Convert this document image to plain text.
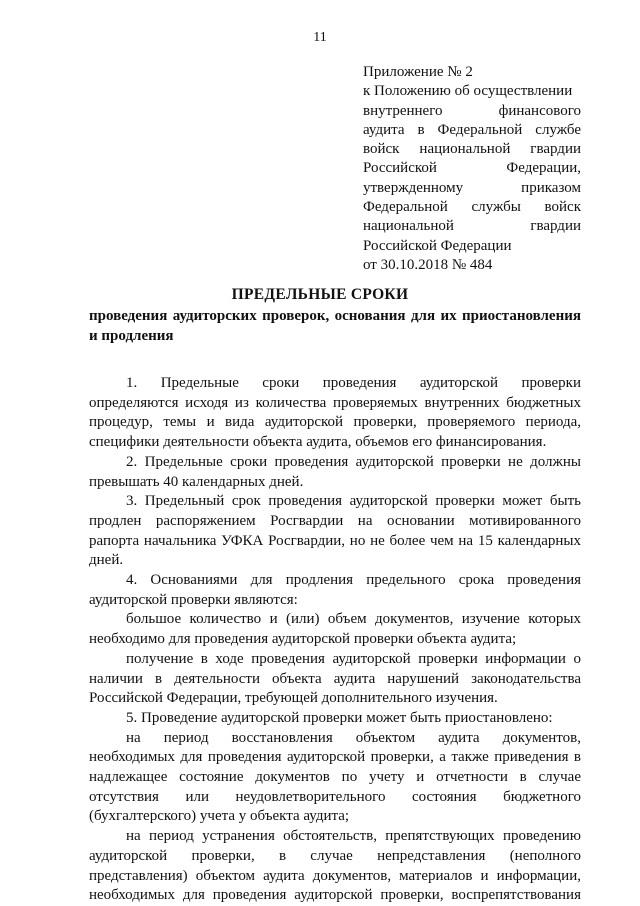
11
Приложение № 2
к Положению об осуществлении
внутреннего финансового
аудита в Федеральной службе
войск национальной гвардии
Российской Федерации,
утвержденному приказом
Федеральной службы войск
национальной гвардии
Российской Федерации
от 30.10.2018 № 484
ПРЕДЕЛЬНЫЕ СРОКИ
проведения аудиторских проверок, основания для их приостановления
и продления
1. Предельные сроки проведения аудиторской проверки
определяются исходя из количества проверяемых внутренних бюджетных
процедур, темы и вида аудиторской проверки, проверяемого периода,
специфики деятельности объекта аудита, объемов его финансирования.
2. Предельные сроки проведения аудиторской проверки не должны
превышать 40 календарных дней.
3. Предельный срок проведения аудиторской проверки может быть
продлен распоряжением Росгвардии на основании мотивированного
рапорта начальника УФКА Росгвардии, но не более чем на 15 календарных
дней.
4. Основаниями для продления предельного срока проведения
аудиторской проверки являются:
большое количество и (или) объем документов, изучение которых
необходимо для проведения аудиторской проверки объекта аудита;
получение в ходе проведения аудиторской проверки информации о
наличии в деятельности объекта аудита нарушений законодательства
Российской Федерации, требующей дополнительного изучения.
5. Проведение аудиторской проверки может быть приостановлено:
на период восстановления объектом аудита документов,
необходимых для проведения аудиторской проверки, а также приведения в
надлежащее состояние документов по учету и отчетности в случае
отсутствия или неудовлетворительного состояния бюджетного
(бухгалтерского) учета у объекта аудита;
на период устранения обстоятельств, препятствующих проведению
аудиторской проверки, в случае непредставления (неполного
представления) объектом аудита документов, материалов и информации,
необходимых для проведения аудиторской проверки, воспрепятствования
